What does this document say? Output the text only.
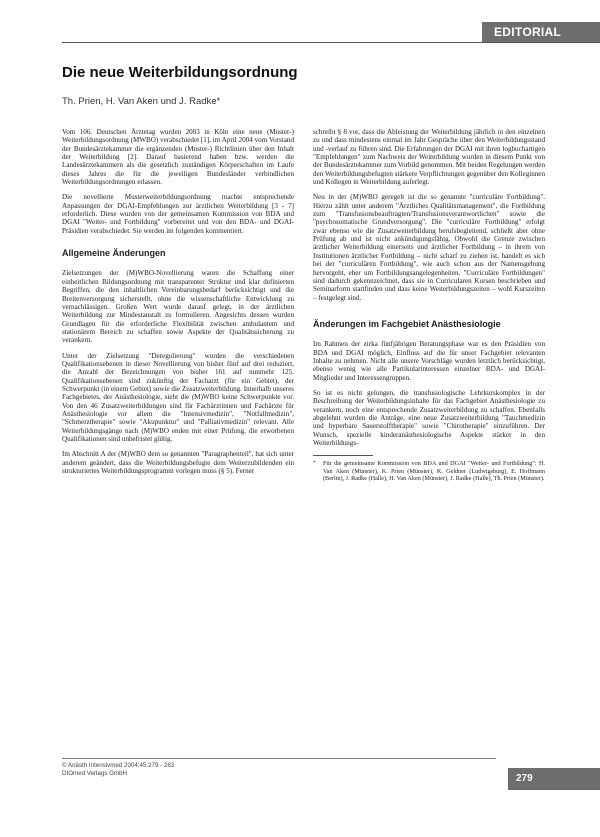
EDITORIAL
Die neue Weiterbildungsordnung

Th. Prien, H. Van Aken und J. Radke*

Vom 106. Deutschen Ärztetag wurden 2003 in Köln eine neue (Muster-) Weiterbildungsordnung (MWBO) verabschiedet [1], im April 2004 vom Vorstand der Bundesärztekammer die ergänzenden (Muster-) Richtlinien über den Inhalt der Weiterbildung [2]. Darauf basierend haben bzw. werden die Landesärztekammern als die gesetzlich zuständigen Körperschaften im Laufe dieses Jahres die für die jeweiligen Bundesländer verbindlichen Weiterbildungsordnungen erlassen.

Die novellierte Musterweiterbildungsordnung machte entsprechende Anpassungen der DGAI-Empfehlungen zur ärztlichen Weiterbildung [3 - 7] erforderlich. Diese wurden von der gemeinsamen Kommission von BDA und DGAI "Weiter- und Fortbildung" vorbereitet und von den BDA- und DGAI-Präsidien verabschiedet. Sie werden im folgenden kommentiert.

Allgemeine Änderungen

Zielsetzungen der (M)WBO-Novellierung waren die Schaffung einer einheitlichen Bildungsordnung mit transparenter Struktur und klar definierten Begriffen, die den inhaltlichen Vereinbarungsbedarf berücksichtigt und die Breitenversorgung sicherstellt, ohne die wissenschaftliche Entwicklung zu vernachlässigen. Großen Wert wurde darauf gelegt, in der ärztlichen Weiterbildung zur Mindestanstalt zu formulieren. Angesichts dessen wurden Grundlagen für die erforderliche Flexibilität zwischen ambulantem und stationärem Bereich zu schaffen sowie Aspekte der Qualitätssicherung zu verankern.

Unter der Zielsetzung "Deregulierung" wurden die verschiedenen Qualifikationsebenen in dieser Novellierung von bisher fünf auf drei reduziert, die Anzahl der Bezeichnungen von bisher 161 auf nunmehr 125. Qualifikationsebenen sind zukünftig der Facharzt (für ein Gebiet), der Schwerpunkt (in einem Gebiet) sowie die Zusatzweiterbildung. Innerhalb unseres Fachgebietes, der Anästhesiologie, sieht die (M)WBO keine Schwerpunkte vor. Von den 46 Zusatzweiterbildungen sind für Fachärztinnen und Fachärzte für Anästhesiologie vor allem die "Intensivmedizin", "Notfallmedizin", "Schmerztherapie" sowie "Akupunktur" und "Palliativmedizin" relevant. Alle Weiterbildungsgänge nach (M)WBO enden mit einer Prüfung, die erworbenen Qualifikationen sind unbefristet gültig.

Im Abschnitt A der (M)WBO dem so genannten "Paragraphenteil", hat sich unter anderem geändert, dass die Weiterbildungsbefugte dem Weiterzubildenden ein strukturiertes Weiterbildungsprogramm vorlegen muss (§ 5). Ferner

schreibt § 8 vor, dass die Ableistung der Weiterbildung jährlich in den einzelnen zu und dass mindestens einmal im Jahr Gespräche über den Weiterbildungsstand und -verlauf zu führen sind. Die Erfahrungen der DGAI mit ihren logbuchartigen "Empfehlungen" zum Nachweis der Weiterbildung wurden in diesem Punkt von der Bundesärztekammer zum Vorbild genommen. Mit beiden Regelungen werden den Weiterbildungsbefugten stärkere Verpflichtungen gegenüber den Kolleginnen und Kollegen in Weiterbildung auferlegt.

Neu in der (M)WBO geregelt ist die so genannte "curriculäre Fortbildung". Hierzu zählt unter anderem "Ärztliches Qualitätsmanagement", die Fortbildung zum "Transfusionsbeauftragten/Transfusionsverantwortlichen" sowie die "psychosomatische Grundversorgung". Die "curriculäre Fortbildung" erfolgt zwar ebenso wie die Zusatzweiterbildung berufsbegleitend, schließt aber ohne Prüfung ab und ist nicht ankündigungsfähig. Obwohl die Grenze zwischen ärztlicher Weiterbildung einerseits und ärztlicher Fortbildung – in ihrem von Institutionen ärztlicher Fortbildung – nicht scharf zu ziehen ist, handelt es sich bei der "curriculären Fortbildung", wie auch schon aus der Namensgebung hervorgeht, eher um Fortbildungsangelegenheiten. "Curriculäre Fortbildungen" sind dadurch gekennzeichnet, dass sie in Curricularen Kursen beschrieben und Seminarform stattfinden und dass keine Weiterbildungszeiten – wohl Kurszeiten – festgelegt sind.

Änderungen im Fachgebiet Anästhesiologie

Im Rahmen der zirka fünfjährigen Beratungsphase war es den Präsidien von BDA und DGAI möglich, Einfluss auf die für unser Fachgebiet relevanten Inhalte zu nehmen. Nicht alle unsere Vorschläge wurden letztlich berücksichtigt, ebenso wenig wie alle Partikularinteressen einzelner BDA- und DGAI-Mitglieder und Interessengruppen.

So ist es nicht gelungen, die transfusiologische Lehrkurskomplex in der Beschreibung der Weiterbildungsinhalte für das Fachgebiet Anästhesiologie zu verankern, noch eine entsprechende Zusatzweiterbildung zu schaffen. Ebenfalls abgelehnt wurden die Anträge, eine neue Zusatzweiterbildung "Tauchmedizin und hyperbare Sauerstofftherapie" sowie "Chirotherapie" einzuführen. Der Wunsch, spezielle kinderanästhesiologische Aspekte stärker in den Weiterbildungs-

* Für die gemeinsame Kommission von BDA und DGAI "Weiter- und Fortbildung": H. Van Aken (Münster), K. Prien (Münster), K. Geldner (Ludwigsburg), E. Hoffmann (Berlin), J. Radke (Halle), H. Van Aken (Münster), J. Radke (Halle), Th. Prien (Münster).
© Anästh Intensivmed 2004;45:279 - 283
DIOmed Verlags GmbH	279
